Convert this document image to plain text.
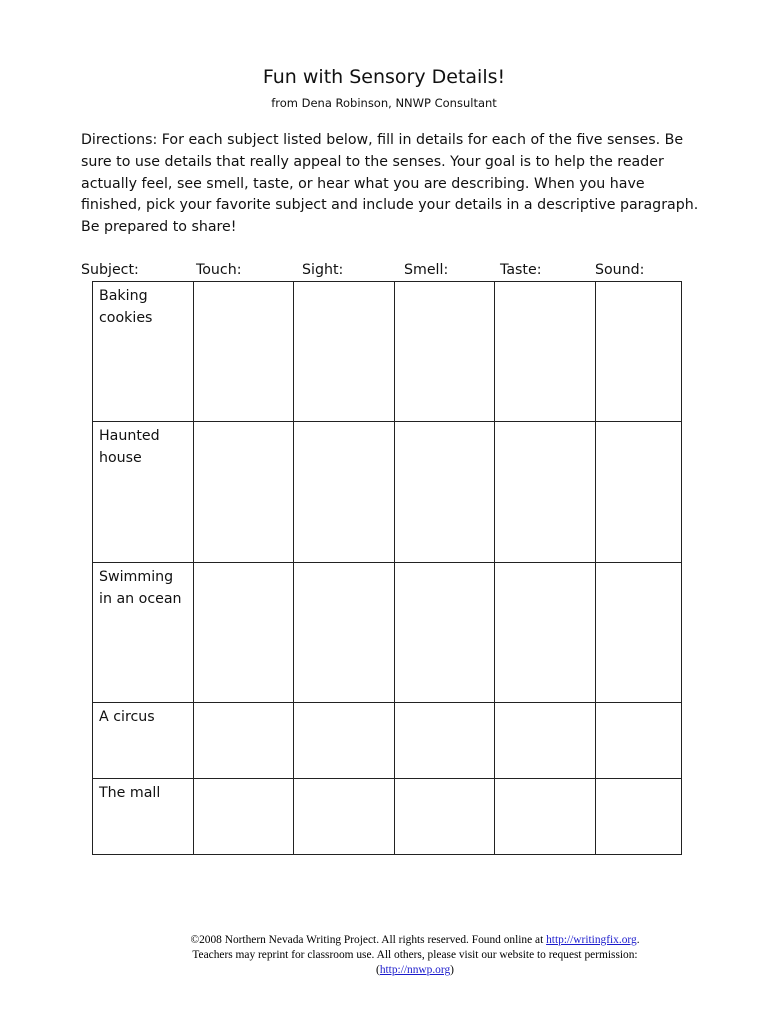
Fun with Sensory Details!
from Dena Robinson, NNWP Consultant
Directions: For each subject listed below, fill in details for each of the five senses. Be sure to use details that really appeal to the senses. Your goal is to help the reader actually feel, see smell, taste, or hear what you are describing. When you have finished, pick your favorite subject and include your details in a descriptive paragraph. Be prepared to share!
Subject:	Touch:	Sight:	Smell:	Taste:	Sound:
Baking cookies					
Haunted house					
Swimming in an ocean					
A circus					
The mall					
©2008 Northern Nevada Writing Project. All rights reserved. Found online at http://writingfix.org.
Teachers may reprint for classroom use. All others, please visit our website to request permission:
(http://nnwp.org)
